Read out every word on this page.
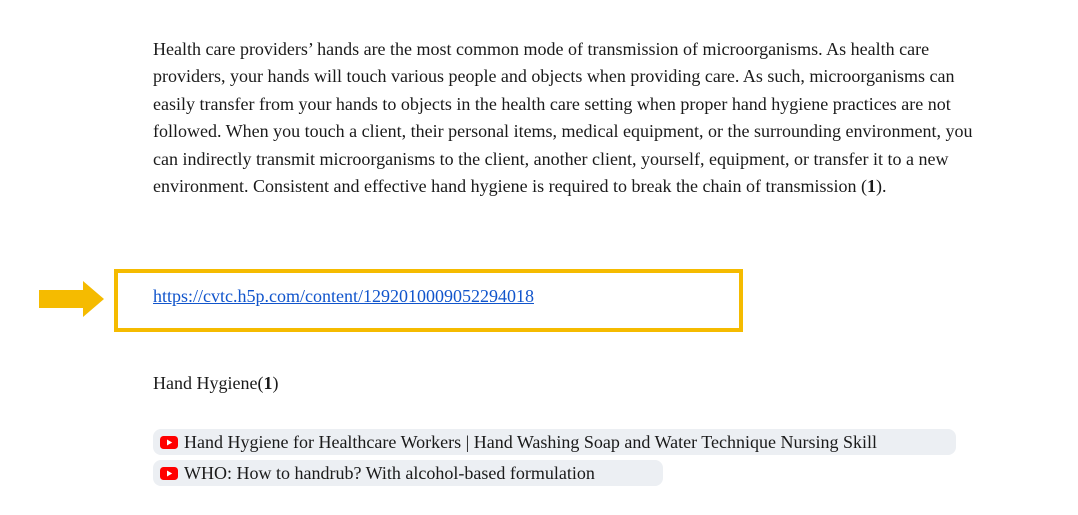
Health care providers’ hands are the most common mode of transmission of microorganisms. As health care providers, your hands will touch various people and objects when providing care. As such, microorganisms can easily transfer from your hands to objects in the health care setting when proper hand hygiene practices are not followed. When you touch a client, their personal items, medical equipment, or the surrounding environment, you can indirectly transmit microorganisms to the client, another client, yourself, equipment, or transfer it to a new environment. Consistent and effective hand hygiene is required to break the chain of transmission (1).
https://cvtc.h5p.com/content/1292010009052294018
Hand Hygiene(1)
Hand Hygiene for Healthcare Workers | Hand Washing Soap and Water Technique Nursing Skill
WHO: How to handrub? With alcohol-based formulation
